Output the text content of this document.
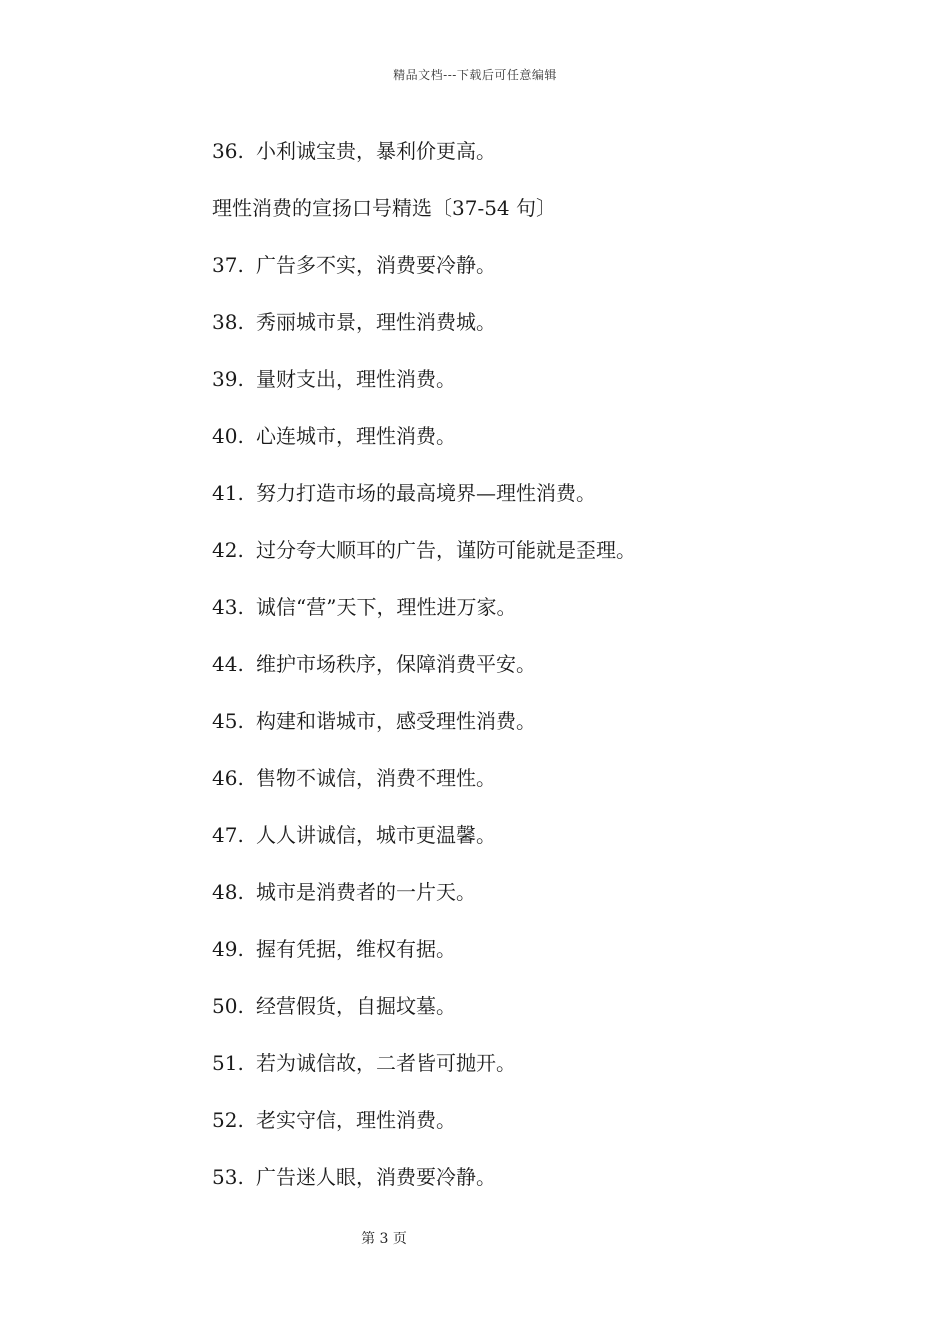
精品文档---下载后可任意编辑
36. 小利诚宝贵，暴利价更高。
理性消费的宣扬口号精选〔37-54 句〕
37. 广告多不实，消费要冷静。
38. 秀丽城市景，理性消费城。
39. 量财支出，理性消费。
40. 心连城市，理性消费。
41. 努力打造市场的最高境界—理性消费。
42. 过分夸大顺耳的广告，谨防可能就是歪理。
43. 诚信“营”天下，理性进万家。
44. 维护市场秩序，保障消费平安。
45. 构建和谐城市，感受理性消费。
46. 售物不诚信，消费不理性。
47. 人人讲诚信，城市更温馨。
48. 城市是消费者的一片天。
49. 握有凭据，维权有据。
50. 经营假货，自掘坟墓。
51. 若为诚信故，二者皆可抛开。
52. 老实守信，理性消费。
53. 广告迷人眼，消费要冷静。
第 3 页
